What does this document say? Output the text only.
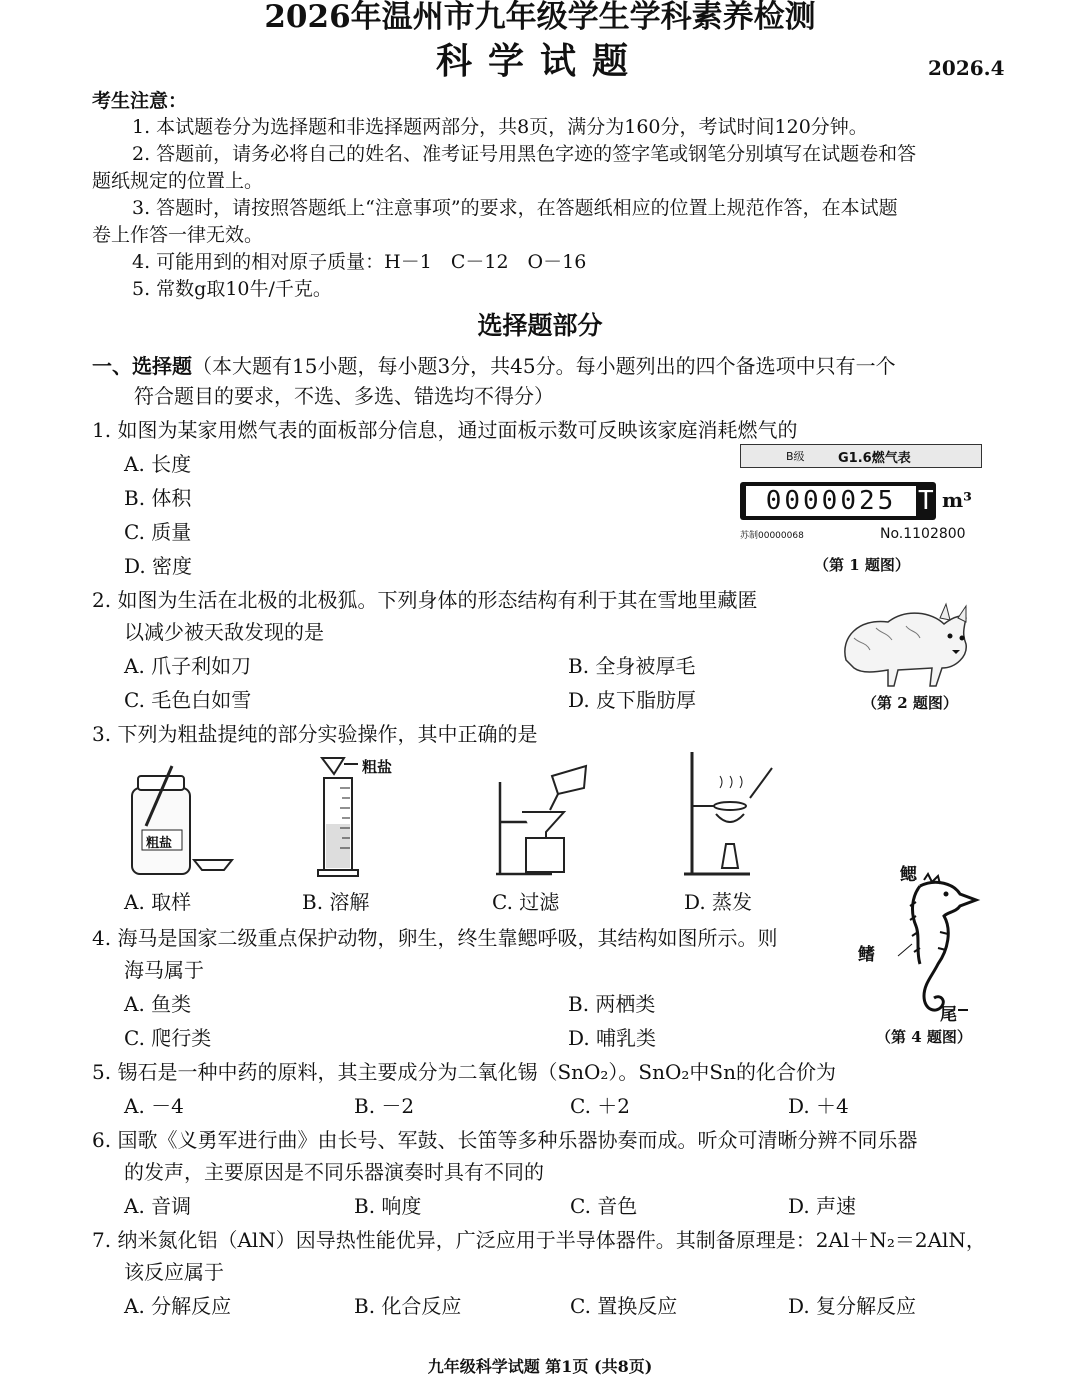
2026年温州市九年级学生学科素养检测
科学试题	2026.4
考生注意：
1. 本试题卷分为选择题和非选择题两部分，共8页，满分为160分，考试时间120分钟。
2. 答题前，请务必将自己的姓名、准考证号用黑色字迹的签字笔或钢笔分别填写在试题卷和答
题纸规定的位置上。
3. 答题时，请按照答题纸上“注意事项”的要求，在答题纸相应的位置上规范作答，在本试题
卷上作答一律无效。
4. 可能用到的相对原子质量：H－1　C－12　O－16
5. 常数g取10牛/千克。
选择题部分
一、选择题（本大题有15小题，每小题3分，共45分。每小题列出的四个备选项中只有一个
符合题目的要求，不选、多选、错选均不得分）
1. 如图为某家用燃气表的面板部分信息，通过面板示数可反映该家庭消耗燃气的
A. 长度
B. 体积
C. 质量
D. 密度
B级	G1.6燃气表
0000025 T m³
苏制00000068	No.1102800
（第 1 题图）
2. 如图为生活在北极的北极狐。下列身体的形态结构有利于其在雪地里藏匿
以减少被天敌发现的是
A. 爪子利如刀	B. 全身被厚毛
C. 毛色白如雪	D. 皮下脂肪厚	（第 2 题图）
3. 下列为粗盐提纯的部分实验操作，其中正确的是
粗盐
粗盐
A. 取样	B. 溶解	C. 过滤	D. 蒸发
4. 海马是国家二级重点保护动物，卵生，终生靠鳃呼吸，其结构如图所示。则
海马属于
A. 鱼类	B. 两栖类
C. 爬行类	D. 哺乳类
鳃
鳍
尾
（第 4 题图）
5. 锡石是一种中药的原料，其主要成分为二氧化锡（SnO₂）。SnO₂中Sn的化合价为
A. －4	B. －2	C. ＋2	D. ＋4
6. 国歌《义勇军进行曲》由长号、军鼓、长笛等多种乐器协奏而成。听众可清晰分辨不同乐器
的发声，主要原因是不同乐器演奏时具有不同的
A. 音调	B. 响度	C. 音色	D. 声速
7. 纳米氮化铝（AlN）因导热性能优异，广泛应用于半导体器件。其制备原理是：2Al＋N₂＝2AlN，
该反应属于
A. 分解反应	B. 化合反应	C. 置换反应	D. 复分解反应
九年级科学试题 第1页 (共8页)
